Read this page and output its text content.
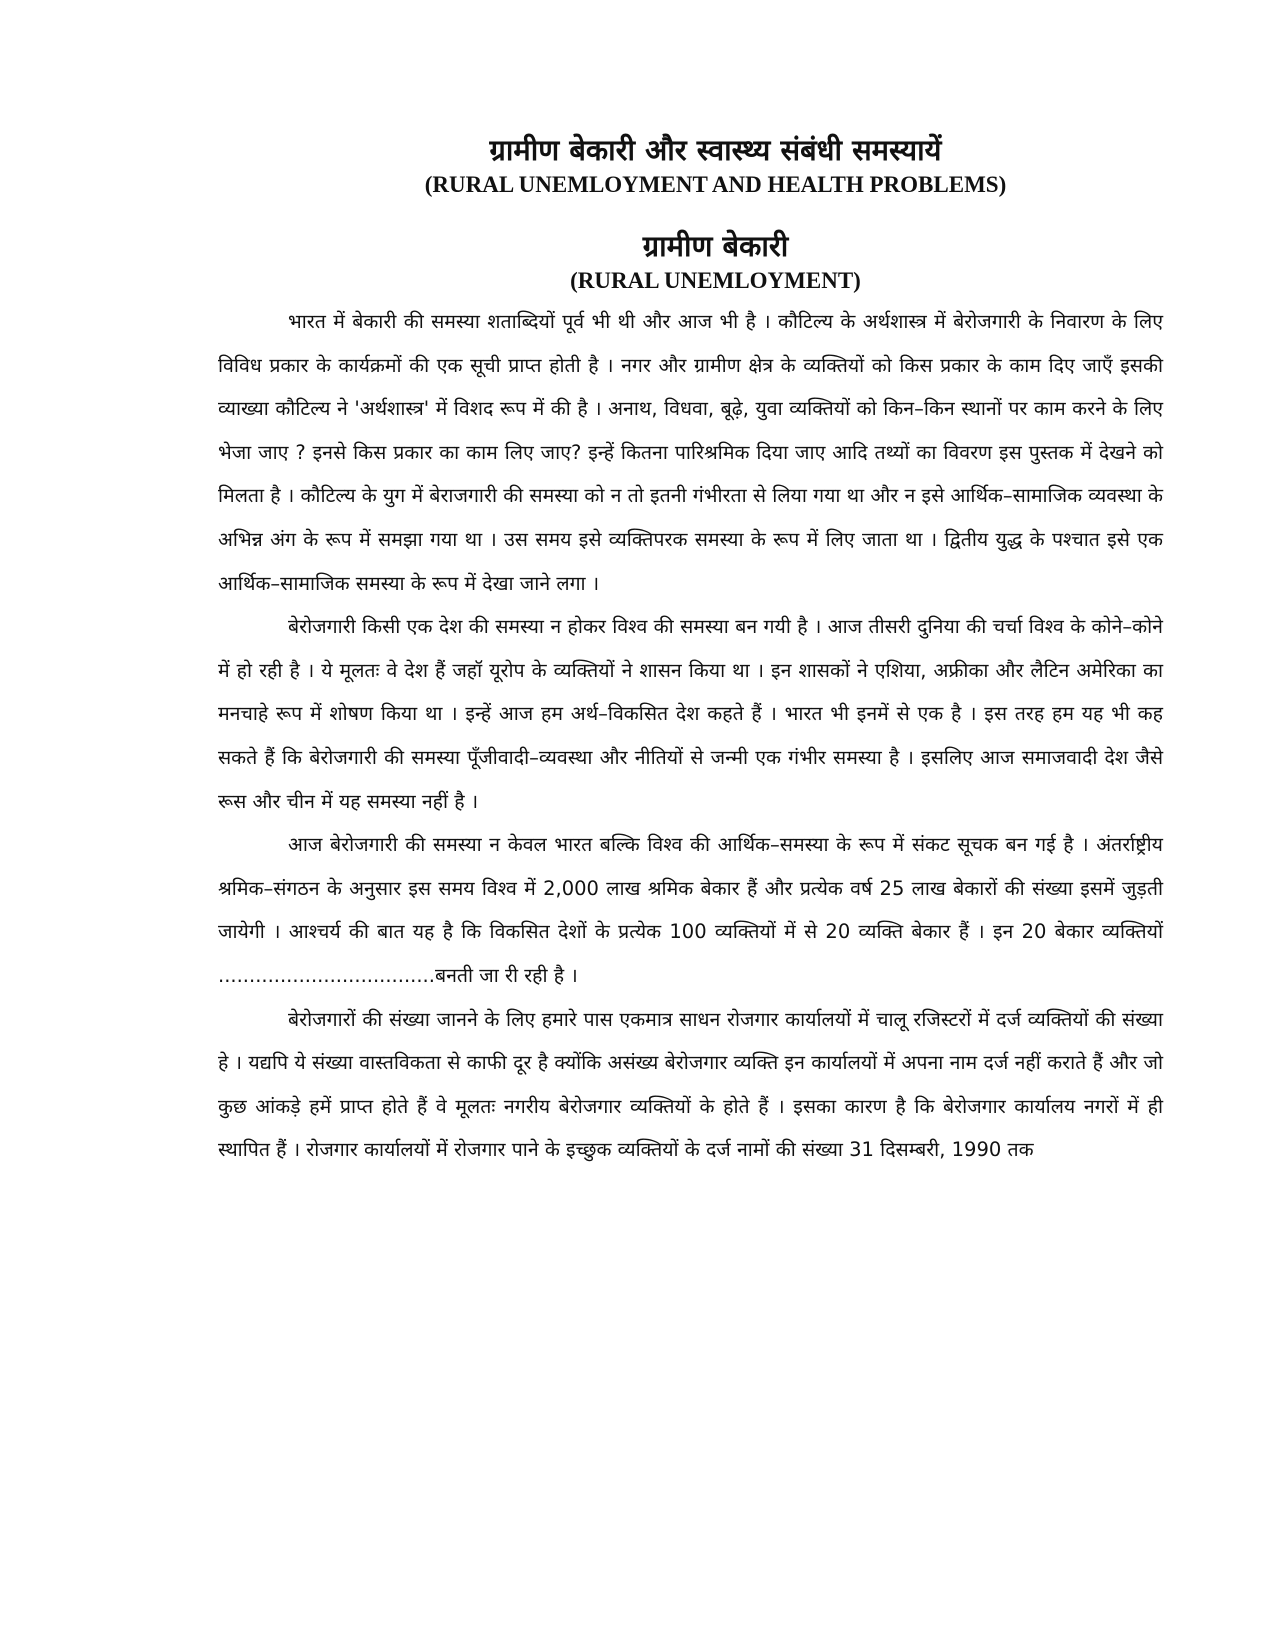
ग्रामीण बेकारी और स्वास्थ्य संबंधी समस्यायें
(RURAL UNEMLOYMENT AND HEALTH PROBLEMS)
ग्रामीण बेकारी
(RURAL UNEMLOYMENT)

भारत में बेकारी की समस्या शताब्दियों पूर्व भी थी और आज भी है । कौटिल्य के अर्थशास्त्र में बेरोजगारी के निवारण के लिए विविध प्रकार के कार्यक्रमों की एक सूची प्राप्त होती है । नगर और ग्रामीण क्षेत्र के व्यक्तियों को किस प्रकार के काम दिए जाएँ इसकी व्याख्या कौटिल्य ने 'अर्थशास्त्र' में विशद रूप में की है । अनाथ, विधवा, बूढ़े, युवा व्यक्तियों को किन–किन स्थानों पर काम करने के लिए भेजा जाए ? इनसे किस प्रकार का काम लिए जाए? इन्हें कितना पारिश्रमिक दिया जाए आदि तथ्यों का विवरण इस पुस्तक में देखने को मिलता है । कौटिल्य के युग में बेराजगारी की समस्या को न तो इतनी गंभीरता से लिया गया था और न इसे आर्थिक–सामाजिक व्यवस्था के अभिन्न अंग के रूप में समझा गया था । उस समय इसे व्यक्तिपरक समस्या के रूप में लिए जाता था । द्वितीय युद्ध के पश्चात इसे एक आर्थिक–सामाजिक समस्या के रूप में देखा जाने लगा ।

बेरोजगारी किसी एक देश की समस्या न होकर विश्व की समस्या बन गयी है । आज तीसरी दुनिया की चर्चा विश्व के कोने–कोने में हो रही है । ये मूलतः वे देश हैं जहॉ यूरोप के व्यक्तियों ने शासन किया था । इन शासकों ने एशिया, अफ्रीका और लैटिन अमेरिका का मनचाहे रूप में शोषण किया था । इन्हें आज हम अर्थ–विकसित देश कहते हैं । भारत भी इनमें से एक है । इस तरह हम यह भी कह सकते हैं कि बेरोजगारी की समस्या पूँजीवादी–व्यवस्था और नीतियों से जन्मी एक गंभीर समस्या है । इसलिए आज समाजवादी देश जैसे रूस और चीन में यह समस्या नहीं है ।

आज बेरोजगारी की समस्या न केवल भारत बल्कि विश्व की आर्थिक–समस्या के रूप में संकट सूचक बन गई है । अंतर्राष्ट्रीय श्रमिक–संगठन के अनुसार इस समय विश्व में 2,000 लाख श्रमिक बेकार हैं और प्रत्येक वर्ष 25 लाख बेकारों की संख्या इसमें जुड़ती जायेगी । आश्चर्य की बात यह है कि विकसित देशों के प्रत्येक 100 व्यक्तियों में से 20 व्यक्ति बेकार हैं । इन 20 बेकार व्यक्तियों ...................................बनती जा री रही है ।

बेरोजगारों की संख्या जानने के लिए हमारे पास एकमात्र साधन रोजगार कार्यालयों में चालू रजिस्टरों में दर्ज व्यक्तियों की संख्या हे । यद्यपि ये संख्या वास्तविकता से काफी दूर है क्योंकि असंख्य बेरोजगार व्यक्ति इन कार्यालयों में अपना नाम दर्ज नहीं कराते हैं और जो कुछ आंकड़े हमें प्राप्त होते हैं वे मूलतः नगरीय बेरोजगार व्यक्तियों के होते हैं । इसका कारण है कि बेरोजगार कार्यालय नगरों में ही स्थापित हैं । रोजगार कार्यालयों में रोजगार पाने के इच्छुक व्यक्तियों के दर्ज नामों की संख्या 31 दिसम्बरी, 1990 तक
